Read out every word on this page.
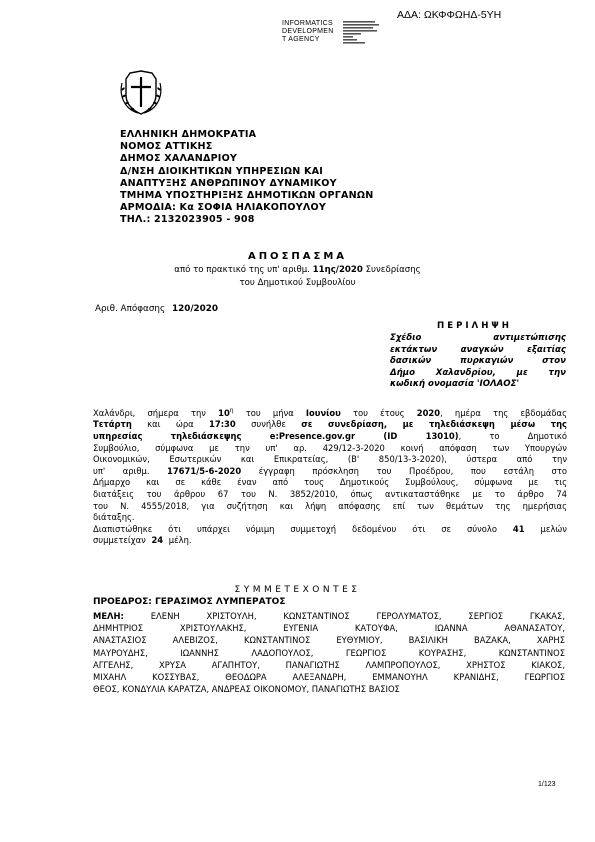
ΑΔΑ: ΩΚΦΦΩΗΔ-5ΥΗ
INFORMATICS
DEVELOPMEN
T AGENCY
ΕΛΛΗΝΙΚΗ ΔΗΜΟΚΡΑΤΙΑ
ΝΟΜΟΣ ΑΤΤΙΚΗΣ
ΔΗΜΟΣ ΧΑΛΑΝΔΡΙΟΥ
Δ/ΝΣΗ ΔΙΟΙΚΗΤΙΚΩΝ ΥΠΗΡΕΣΙΩΝ ΚΑΙ
ΑΝΑΠΤΥΞΗΣ ΑΝΘΡΩΠΙΝΟΥ ΔΥΝΑΜΙΚΟΥ
ΤΜΗΜΑ ΥΠΟΣΤΗΡΙΞΗΣ ΔΗΜΟΤΙΚΩΝ ΟΡΓΑΝΩΝ
ΑΡΜΟΔΙΑ: Κα ΣΟΦΙΑ ΗΛΙΑΚΟΠΟΥΛΟΥ
ΤΗΛ.: 2132023905 - 908
ΑΠΟΣΠΑΣΜΑ
από το πρακτικό της υπ' αριθμ. 11ης/2020 Συνεδρίασης
του Δημοτικού Συμβουλίου
Αριθ. Απόφασης 120/2020
ΠΕΡΙΛΗΨΗ
Σχέδιο αντιμετώπισης
εκτάκτων αναγκών εξαιτίας
δασικών πυρκαγιών στον
Δήμο Χαλανδρίου, με την
κωδική ονομασία 'ΙΟΛΑΟΣ'
Χαλάνδρι, σήμερα την $10^\eta$ του μήνα Ιουνίου του έτους 2020, ημέρα της εβδομάδας
Τετάρτη και ώρα 17:30 συνήλθε σε συνεδρίαση, με τηλεδιάσκεψη μέσω της
υπηρεσίας τηλεδιάσκεψης e:Presence.gov.gr (ID 13010), το Δημοτικό
Συμβούλιο, σύμφωνα με την υπ' αρ. 429/12-3-2020 κοινή απόφαση των Υπουργών
Οικονομικών, Εσωτερικών και Επικρατείας, (Β' 850/13-3-2020), ύστερα από την
υπ' αριθμ. 17671/5-6-2020 έγγραφη πρόσκληση του Προέδρου, που εστάλη στο
Δήμαρχο και σε κάθε έναν από τους Δημοτικούς Συμβούλους, σύμφωνα με τις
διατάξεις του άρθρου 67 του Ν. 3852/2010, όπως αντικαταστάθηκε με το άρθρο 74
του Ν. 4555/2018, για συζήτηση και λήψη απόφασης επί των θεμάτων της ημερήσιας
διάταξης.
Διαπιστώθηκε ότι υπάρχει νόμιμη συμμετοχή δεδομένου ότι σε σύνολο 41 μελών
συμμετείχαν 24 μέλη.
ΣΥΜΜΕΤΕΧΟΝΤΕΣ
ΠΡΟΕΔΡΟΣ: ΓΕΡΑΣΙΜΟΣ ΛΥΜΠΕΡΑΤΟΣ
ΜΕΛΗ:	ΕΛΕΝΗ ΧΡΙΣΤΟΥΛΗ, ΚΩΝΣΤΑΝΤΙΝΟΣ ΓΕΡΟΛΥΜΑΤΟΣ, ΣΕΡΓΙΟΣ ΓΚΑΚΑΣ,
ΔΗΜΗΤΡΙΟΣ ΧΡΙΣΤΟΥΛΑΚΗΣ, ΕΥΓΕΝΙΑ ΚΑΤΟΥΦΑ, ΙΩΑΝΝΑ ΑΘΑΝΑΣΑΤΟΥ,
ΑΝΑΣΤΑΣΙΟΣ ΑΛΕΒΙΖΟΣ, ΚΩΝΣΤΑΝΤΙΝΟΣ ΕΥΘΥΜΙΟΥ, ΒΑΣΙΛΙΚΗ ΒΑΖΑΚΑ, ΧΑΡΗΣ
ΜΑΥΡΟΥΔΗΣ, ΙΩΑΝΝΗΣ ΛΑΔΟΠΟΥΛΟΣ, ΓΕΩΡΓΙΟΣ ΚΟΥΡΑΣΗΣ, ΚΩΝΣΤΑΝΤΙΝΟΣ
ΑΓΓΕΛΗΣ, ΧΡΥΣΑ ΑΓΑΠΗΤΟΥ, ΠΑΝΑΓΙΩΤΗΣ ΛΑΜΠΡΟΠΟΥΛΟΣ, ΧΡΗΣΤΟΣ ΚΙΑΚΟΣ,
ΜΙΧΑΗΛ ΚΟΣΣΥΒΑΣ, ΘΕΟΔΩΡΑ ΑΛΕΞΑΝΔΡΗ, ΕΜΜΑΝΟΥΗΛ ΚΡΑΝΙΔΗΣ, ΓΕΩΡΓΙΟΣ
ΘΕΟΣ, ΚΟΝΔΥΛΙΑ ΚΑΡΑΤΖΑ, ΑΝΔΡΕΑΣ ΟΙΚΟΝΟΜΟΥ, ΠΑΝΑΓΙΩΤΗΣ ΒΑΣΙΟΣ
1/123
